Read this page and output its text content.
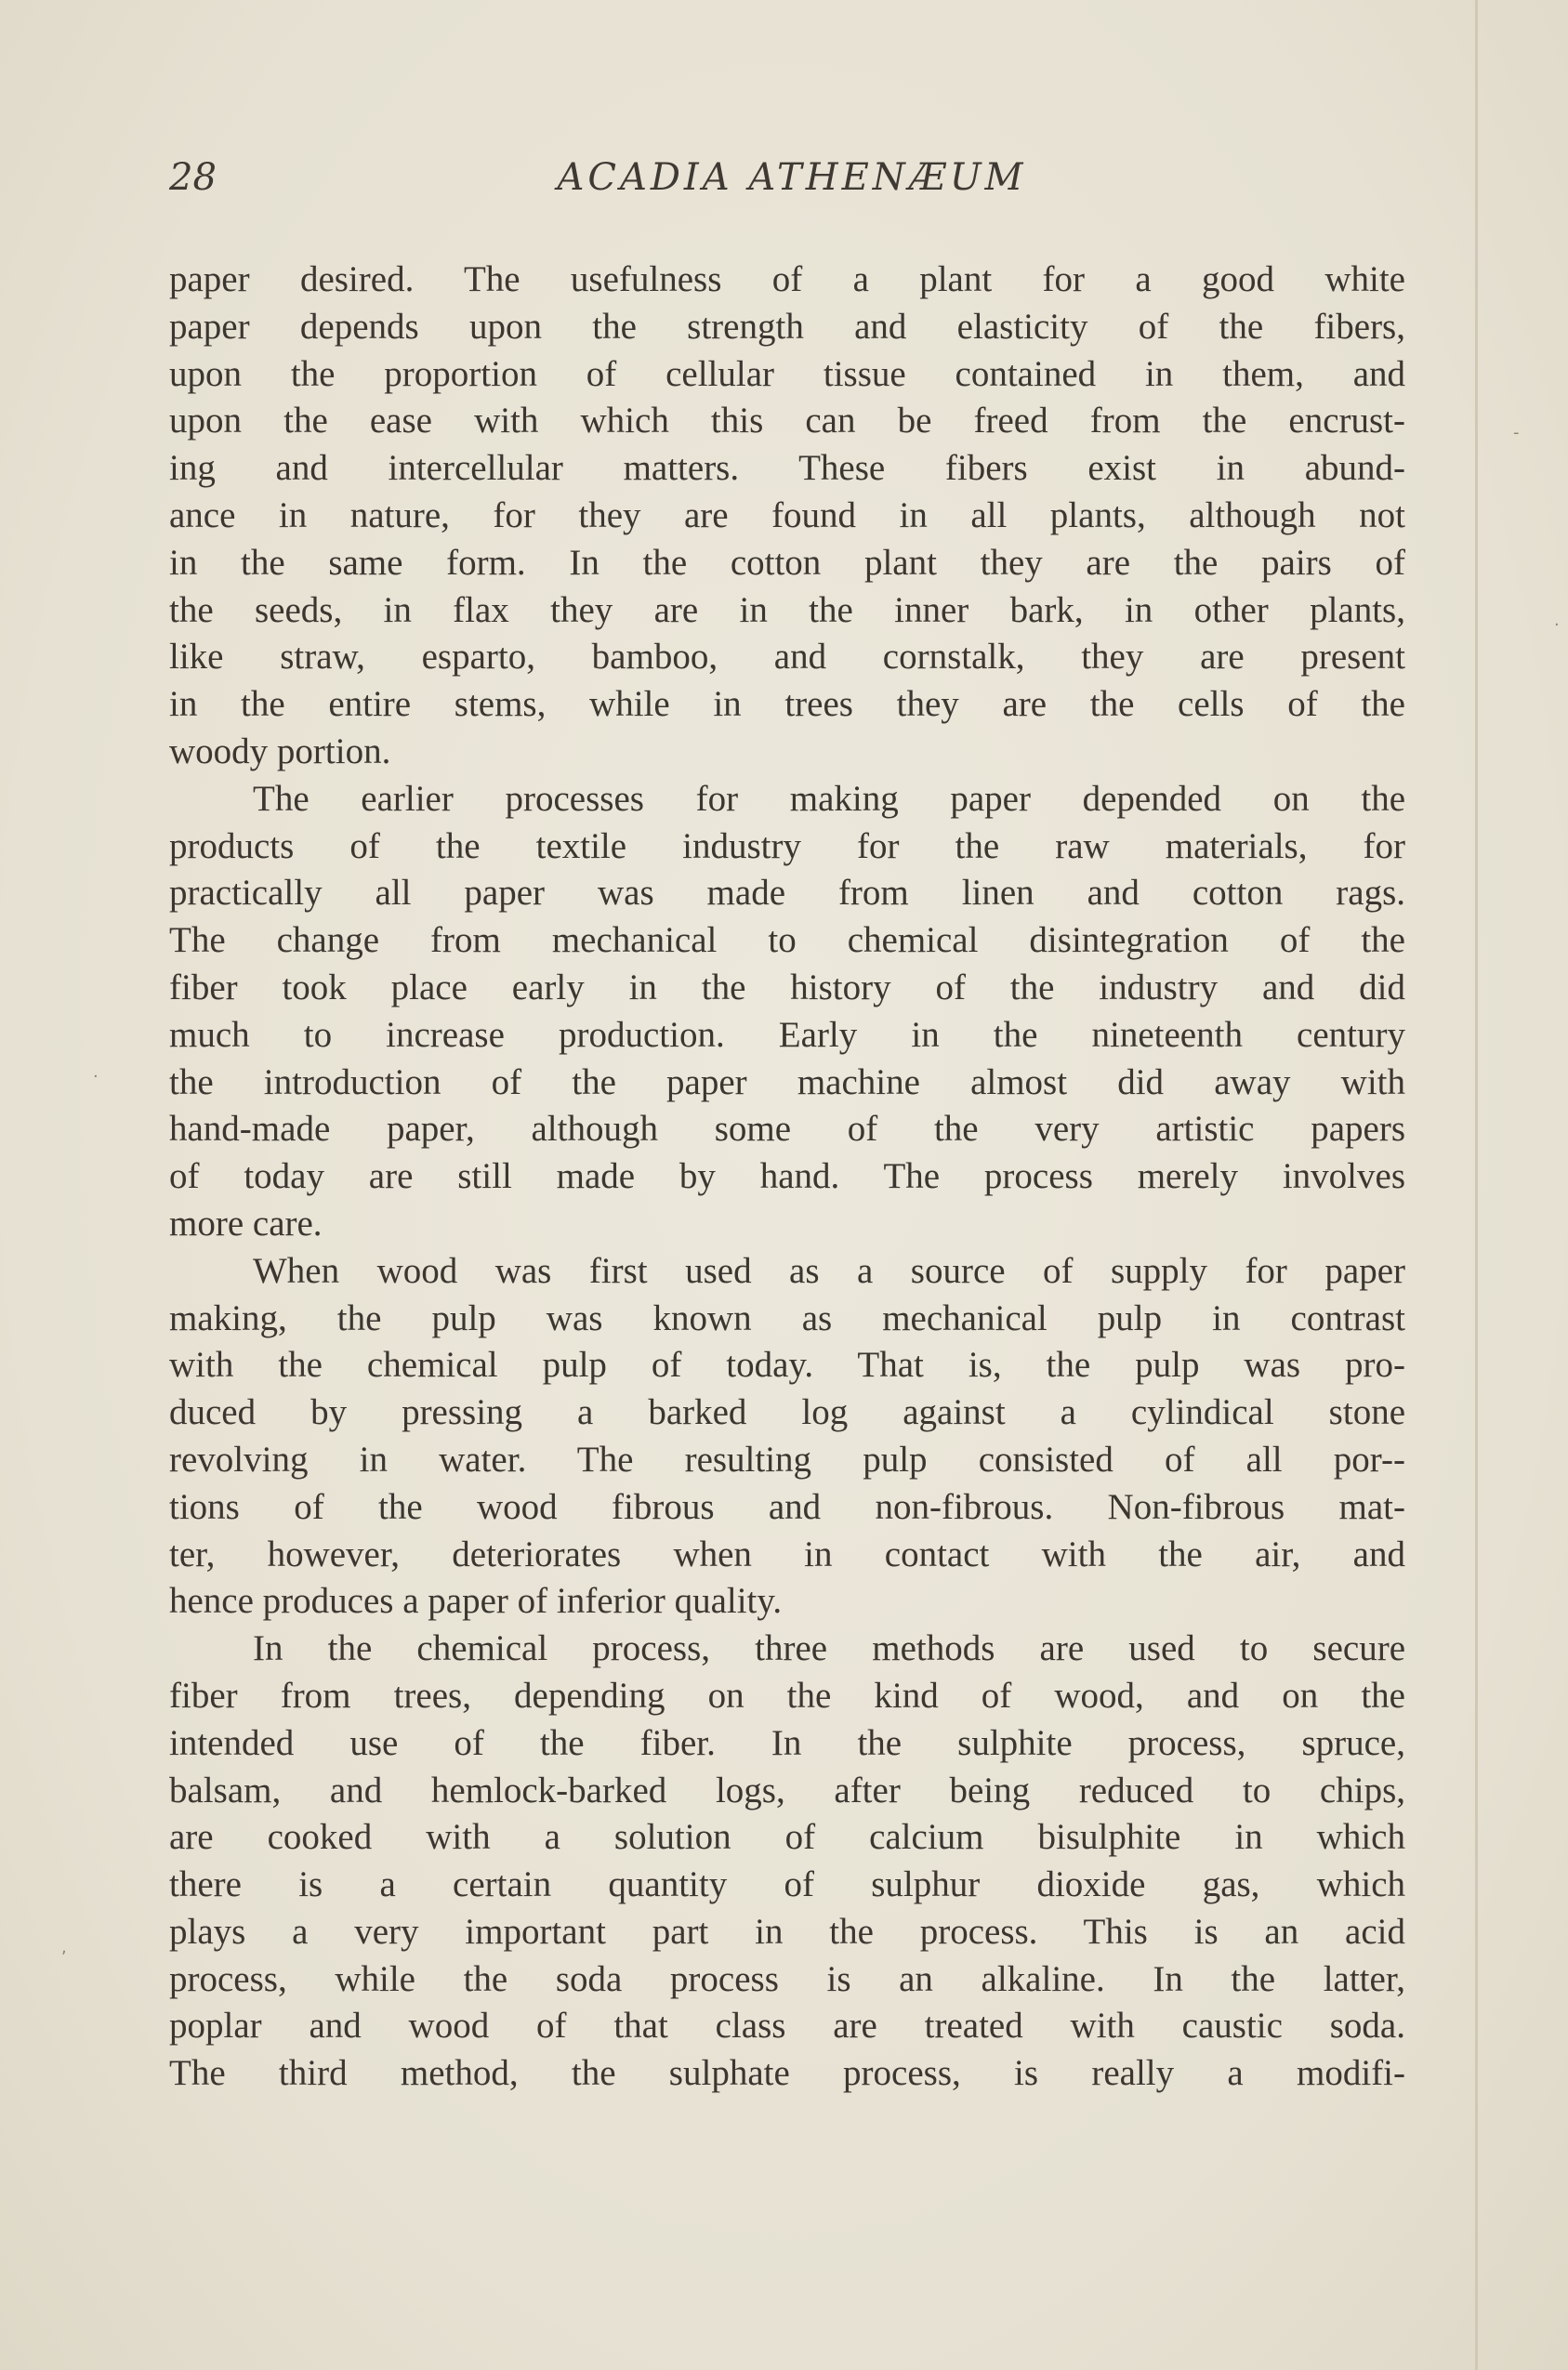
28	ACADIA ATHENÆUM
paper desired. The usefulness of a plant for a good white
paper depends upon the strength and elasticity of the fibers,
upon the proportion of cellular tissue contained in them, and
upon the ease with which this can be freed from the encrust-
ing and intercellular matters. These fibers exist in abund-
ance in nature, for they are found in all plants, although not
in the same form. In the cotton plant they are the pairs of
the seeds, in flax they are in the inner bark, in other plants,
like straw, esparto, bamboo, and cornstalk, they are present
in the entire stems, while in trees they are the cells of the
woody portion.
The earlier processes for making paper depended on the
products of the textile industry for the raw materials, for
practically all paper was made from linen and cotton rags.
The change from mechanical to chemical disintegration of the
fiber took place early in the history of the industry and did
much to increase production. Early in the nineteenth century
the introduction of the paper machine almost did away with
hand-made paper, although some of the very artistic papers
of today are still made by hand. The process merely involves
more care.
When wood was first used as a source of supply for paper
making, the pulp was known as mechanical pulp in contrast
with the chemical pulp of today. That is, the pulp was pro-
duced by pressing a barked log against a cylindical stone
revolving in water. The resulting pulp consisted of all por--
tions of the wood fibrous and non-fibrous. Non-fibrous mat-
ter, however, deteriorates when in contact with the air, and
hence produces a paper of inferior quality.
In the chemical process, three methods are used to secure
fiber from trees, depending on the kind of wood, and on the
intended use of the fiber. In the sulphite process, spruce,
balsam, and hemlock-barked logs, after being reduced to chips,
are cooked with a solution of calcium bisulphite in which
there is a certain quantity of sulphur dioxide gas, which
plays a very important part in the process. This is an acid
process, while the soda process is an alkaline. In the latter,
poplar and wood of that class are treated with caustic soda.
The third method, the sulphate process, is really a modifi-
-
·
·
,
